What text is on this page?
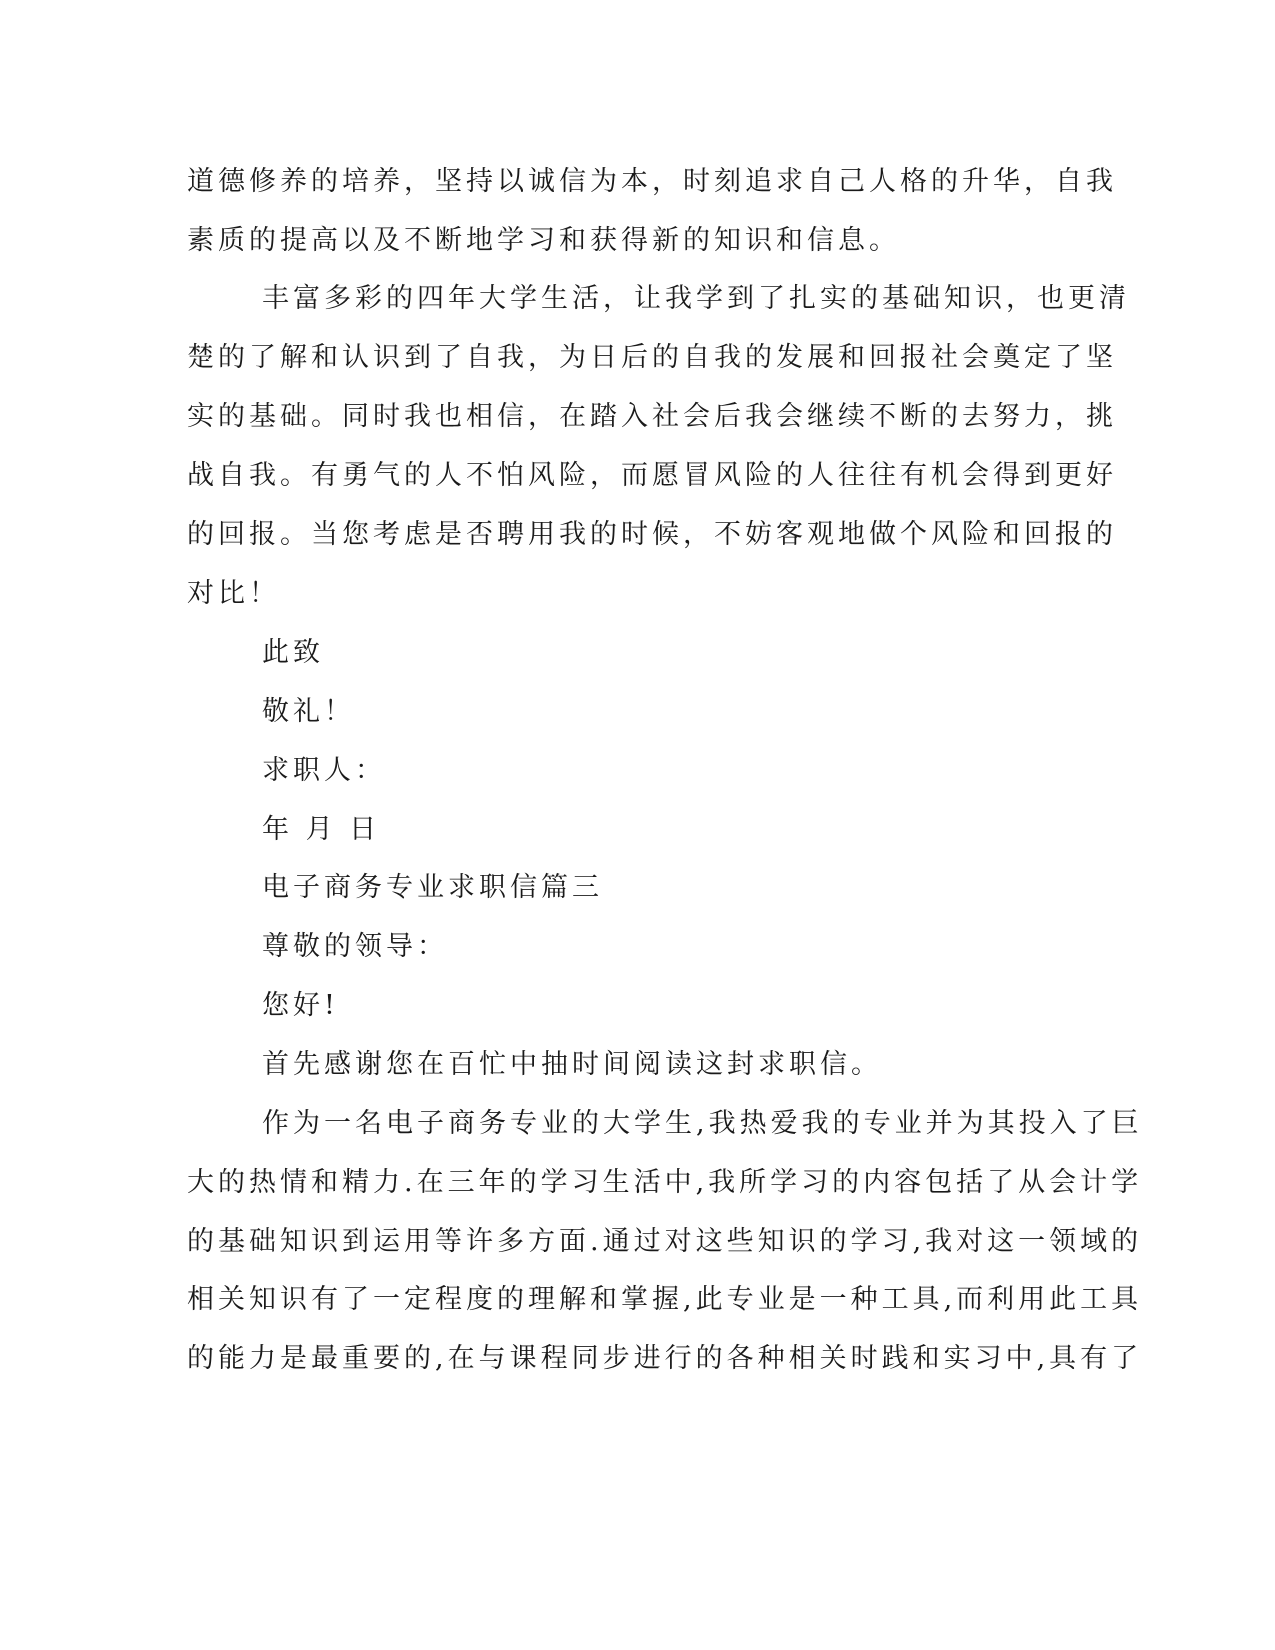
道德修养的培养，坚持以诚信为本，时刻追求自己人格的升华，自我
素质的提高以及不断地学习和获得新的知识和信息。
丰富多彩的四年大学生活，让我学到了扎实的基础知识，也更清
楚的了解和认识到了自我，为日后的自我的发展和回报社会奠定了坚
实的基础。同时我也相信，在踏入社会后我会继续不断的去努力，挑
战自我。有勇气的人不怕风险，而愿冒风险的人往往有机会得到更好
的回报。当您考虑是否聘用我的时候，不妨客观地做个风险和回报的
对比！
此致
敬礼！
求职人：
年 月 日
电子商务专业求职信篇三
尊敬的领导：
您好!
首先感谢您在百忙中抽时间阅读这封求职信。
作为一名电子商务专业的大学生,我热爱我的专业并为其投入了巨
大的热情和精力.在三年的学习生活中,我所学习的内容包括了从会计学
的基础知识到运用等许多方面.通过对这些知识的学习,我对这一领域的
相关知识有了一定程度的理解和掌握,此专业是一种工具,而利用此工具
的能力是最重要的,在与课程同步进行的各种相关时践和实习中,具有了
